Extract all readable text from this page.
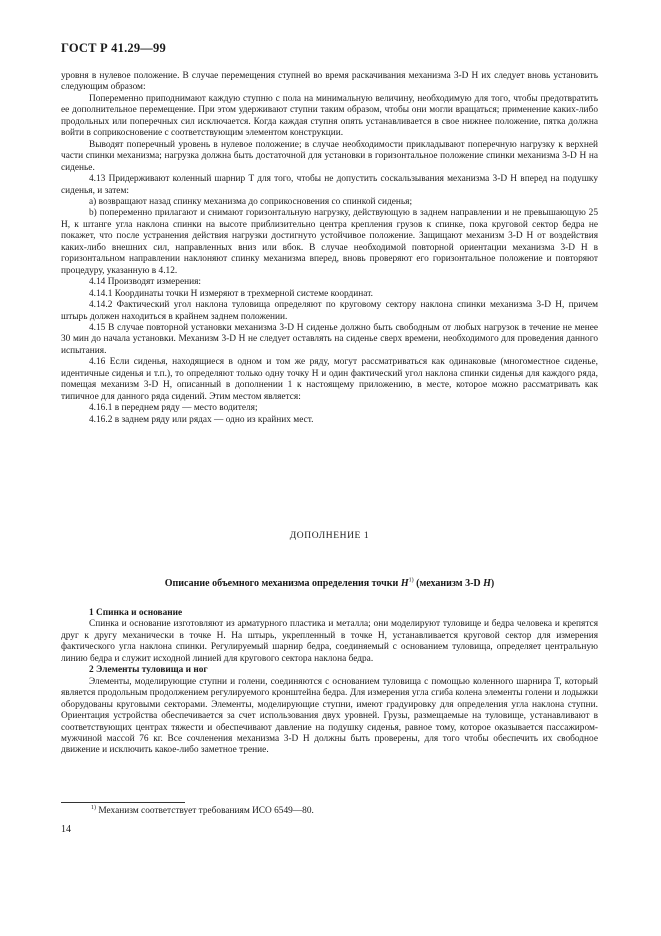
ГОСТ Р 41.29—99

уровня в нулевое положение. В случае перемещения ступней во время раскачивания механизма 3-D H их следует вновь установить следующим образом:

Попеременно приподнимают каждую ступню с пола на минимальную величину, необходимую для того, чтобы предотвратить ее дополнительное перемещение. При этом удерживают ступни таким образом, чтобы они могли вращаться; применение каких-либо продольных или поперечных сил исключается. Когда каждая ступня опять устанавливается в свое нижнее положение, пятка должна войти в соприкосновение с соответствующим элементом конструкции.

Выводят поперечный уровень в нулевое положение; в случае необходимости прикладывают поперечную нагрузку к верхней части спинки механизма; нагрузка должна быть достаточной для установки в горизонтальное положение спинки механизма 3-D H на сиденье.

4.13 Придерживают коленный шарнир T для того, чтобы не допустить соскальзывания механизма 3-D H вперед на подушку сиденья, и затем:

a) возвращают назад спинку механизма до соприкосновения со спинкой сиденья;

b) попеременно прилагают и снимают горизонтальную нагрузку, действующую в заднем направлении и не превышающую 25 Н, к штанге угла наклона спинки на высоте приблизительно центра крепления грузов к спинке, пока круговой сектор бедра не покажет, что после устранения действия нагрузки достигнуто устойчивое положение. Защищают механизм 3-D H от воздействия каких-либо внешних сил, направленных вниз или вбок. В случае необходимой повторной ориентации механизма 3-D H в горизонтальном направлении наклоняют спинку механизма вперед, вновь проверяют его горизонтальное положение и повторяют процедуру, указанную в 4.12.

4.14 Производят измерения:

4.14.1 Координаты точки H измеряют в трехмерной системе координат.

4.14.2 Фактический угол наклона туловища определяют по круговому сектору наклона спинки механизма 3-D H, причем штырь должен находиться в крайнем заднем положении.

4.15 В случае повторной установки механизма 3-D H сиденье должно быть свободным от любых нагрузок в течение не менее 30 мин до начала установки. Механизм 3-D H не следует оставлять на сиденье сверх времени, необходимого для проведения данного испытания.

4.16 Если сиденья, находящиеся в одном и том же ряду, могут рассматриваться как одинаковые (многоместное сиденье, идентичные сиденья и т.п.), то определяют только одну точку H и один фактический угол наклона спинки сиденья для каждого ряда, помещая механизм 3-D H, описанный в дополнении 1 к настоящему приложению, в месте, которое можно рассматривать как типичное для данного ряда сидений. Этим местом является:

4.16.1 в переднем ряду — место водителя;

4.16.2 в заднем ряду или рядах — одно из крайних мест.

ДОПОЛНЕНИЕ 1
Описание объемного механизма определения точки $H^{1)}$ (механизм 3-D H)

1 Спинка и основание

Спинка и основание изготовляют из арматурного пластика и металла; они моделируют туловище и бедра человека и крепятся друг к другу механически в точке H. На штырь, укрепленный в точке H, устанавливается круговой сектор для измерения фактического угла наклона спинки. Регулируемый шарнир бедра, соединяемый с основанием туловища, определяет центральную линию бедра и служит исходной линией для кругового сектора наклона бедра.

2 Элементы туловища и ног

Элементы, моделирующие ступни и голени, соединяются с основанием туловища с помощью коленного шарнира T, который является продольным продолжением регулируемого кронштейна бедра. Для измерения угла сгиба колена элементы голени и лодыжки оборудованы круговыми секторами. Элементы, моделирующие ступни, имеют градуировку для определения угла наклона ступни. Ориентация устройства обеспечивается за счет использования двух уровней. Грузы, размещаемые на туловище, устанавливают в соответствующих центрах тяжести и обеспечивают давление на подушку сиденья, равное тому, которое оказывается пассажиром-мужчиной массой 76 кг. Все сочленения механизма 3-D H должны быть проверены, для того чтобы обеспечить их свободное движение и исключить какое-либо заметное трение.

$^{1)}$ Механизм соответствует требованиям ИСО 6549—80.
14
